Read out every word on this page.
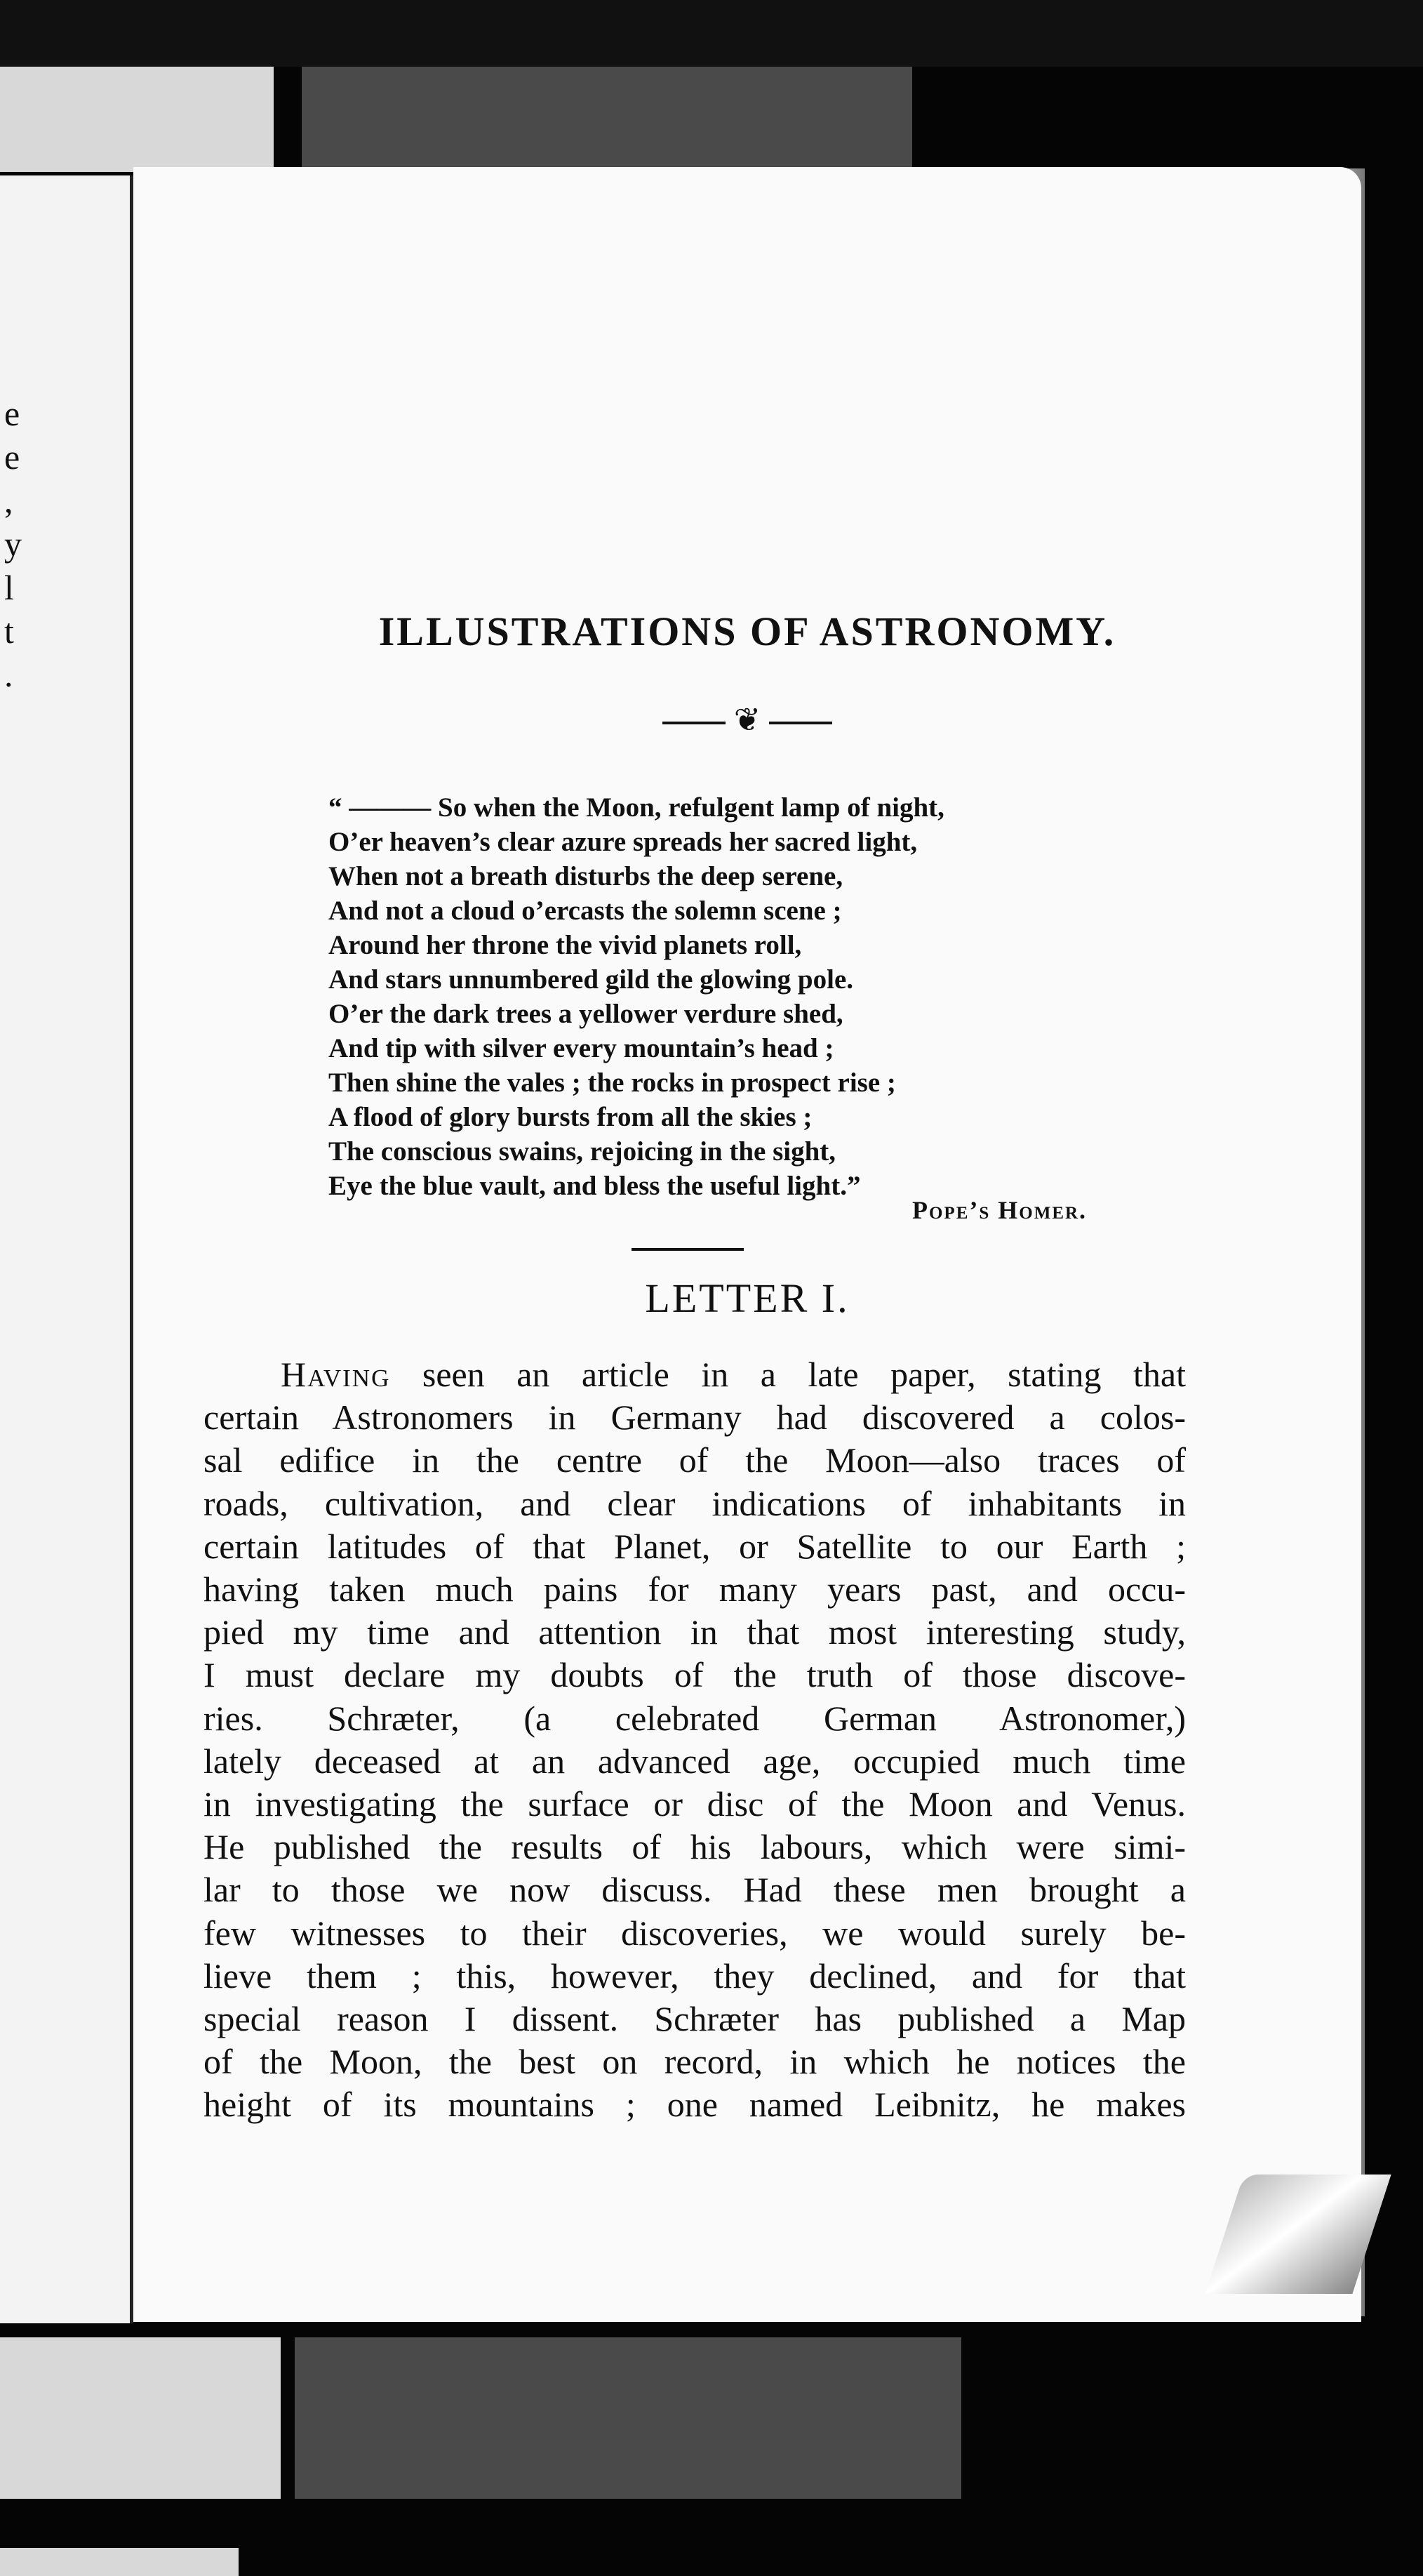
e
e
,
y
l
t
.
ILLUSTRATIONS OF ASTRONOMY.
❦
“ ——— So when the Moon, refulgent lamp of night,
O’er heaven’s clear azure spreads her sacred light,
When not a breath disturbs the deep serene,
And not a cloud o’ercasts the solemn scene ;
Around her throne the vivid planets roll,
And stars unnumbered gild the glowing pole.
O’er the dark trees a yellower verdure shed,
And tip with silver every mountain’s head ;
Then shine the vales ; the rocks in prospect rise ;
A flood of glory bursts from all the skies ;
The conscious swains, rejoicing in the sight,
Eye the blue vault, and bless the useful light.”
Pope’s Homer.
LETTER I.
Having seen an article in a late paper, stating that
certain Astronomers in Germany had discovered a colos-
sal edifice in the centre of the Moon—also traces of
roads, cultivation, and clear indications of inhabitants in
certain latitudes of that Planet, or Satellite to our Earth ;
having taken much pains for many years past, and occu-
pied my time and attention in that most interesting study,
I must declare my doubts of the truth of those discove-
ries. Schræter, (a celebrated German Astronomer,)
lately deceased at an advanced age, occupied much time
in investigating the surface or disc of the Moon and Venus.
He published the results of his labours, which were simi-
lar to those we now discuss. Had these men brought a
few witnesses to their discoveries, we would surely be-
lieve them ; this, however, they declined, and for that
special reason I dissent. Schræter has published a Map
of the Moon, the best on record, in which he notices the
height of its mountains ; one named Leibnitz, he makes
